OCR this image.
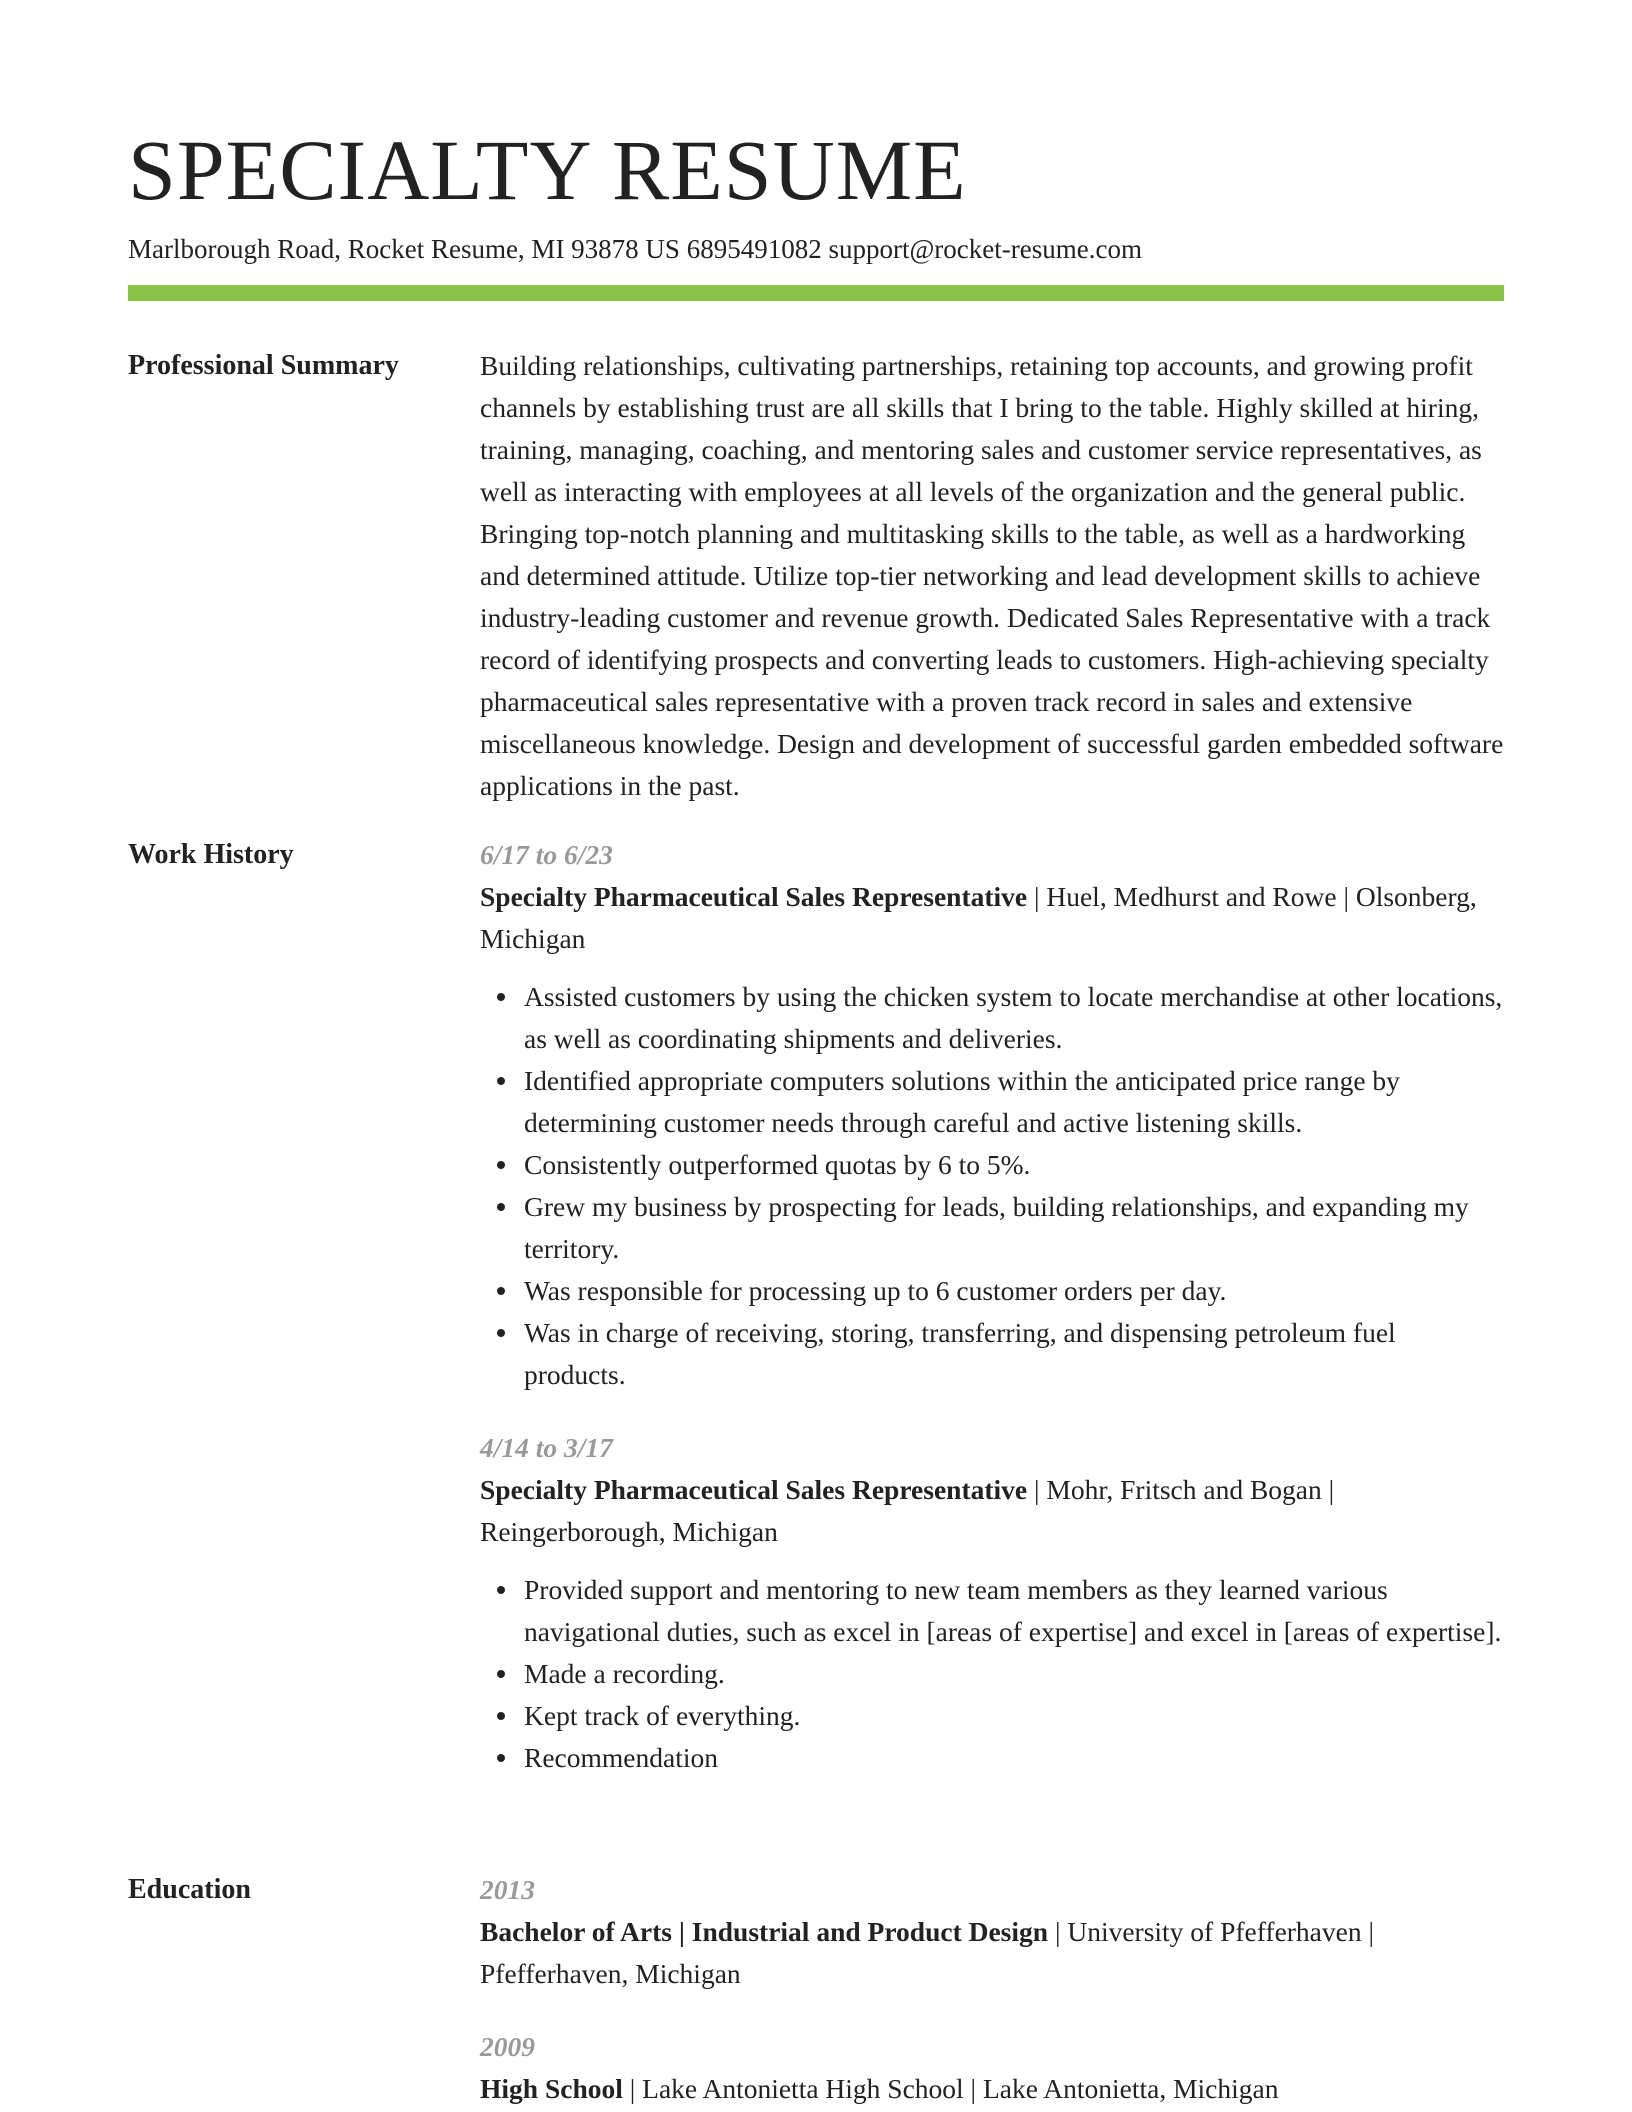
SPECIALTY RESUME
Marlborough Road, Rocket Resume, MI 93878 US 6895491082 support@rocket-resume.com
Professional Summary	Building relationships, cultivating partnerships, retaining top accounts, and growing profit channels by establishing trust are all skills that I bring to the table. Highly skilled at hiring, training, managing, coaching, and mentoring sales and customer service representatives, as well as interacting with employees at all levels of the organization and the general public. Bringing top-notch planning and multitasking skills to the table, as well as a hardworking and determined attitude. Utilize top-tier networking and lead development skills to achieve industry-leading customer and revenue growth. Dedicated Sales Representative with a track record of identifying prospects and converting leads to customers. High-achieving specialty pharmaceutical sales representative with a proven track record in sales and extensive miscellaneous knowledge. Design and development of successful garden embedded software applications in the past.

Work History	6/17 to 6/23
Specialty Pharmaceutical Sales Representative | Huel, Medhurst and Rowe | Olsonberg, Michigan
Assisted customers by using the chicken system to locate merchandise at other locations, as well as coordinating shipments and deliveries.
Identified appropriate computers solutions within the anticipated price range by determining customer needs through careful and active listening skills.
Consistently outperformed quotas by 6 to 5%.
Grew my business by prospecting for leads, building relationships, and expanding my territory.
Was responsible for processing up to 6 customer orders per day.
Was in charge of receiving, storing, transferring, and dispensing petroleum fuel products.
4/14 to 3/17
Specialty Pharmaceutical Sales Representative | Mohr, Fritsch and Bogan | Reingerborough, Michigan
Provided support and mentoring to new team members as they learned various navigational duties, such as excel in [areas of expertise] and excel in [areas of expertise].
Made a recording.
Kept track of everything.
Recommendation
Education	2013
Bachelor of Arts | Industrial and Product Design | University of Pfefferhaven | Pfefferhaven, Michigan
2009
High School | Lake Antonietta High School | Lake Antonietta, Michigan
